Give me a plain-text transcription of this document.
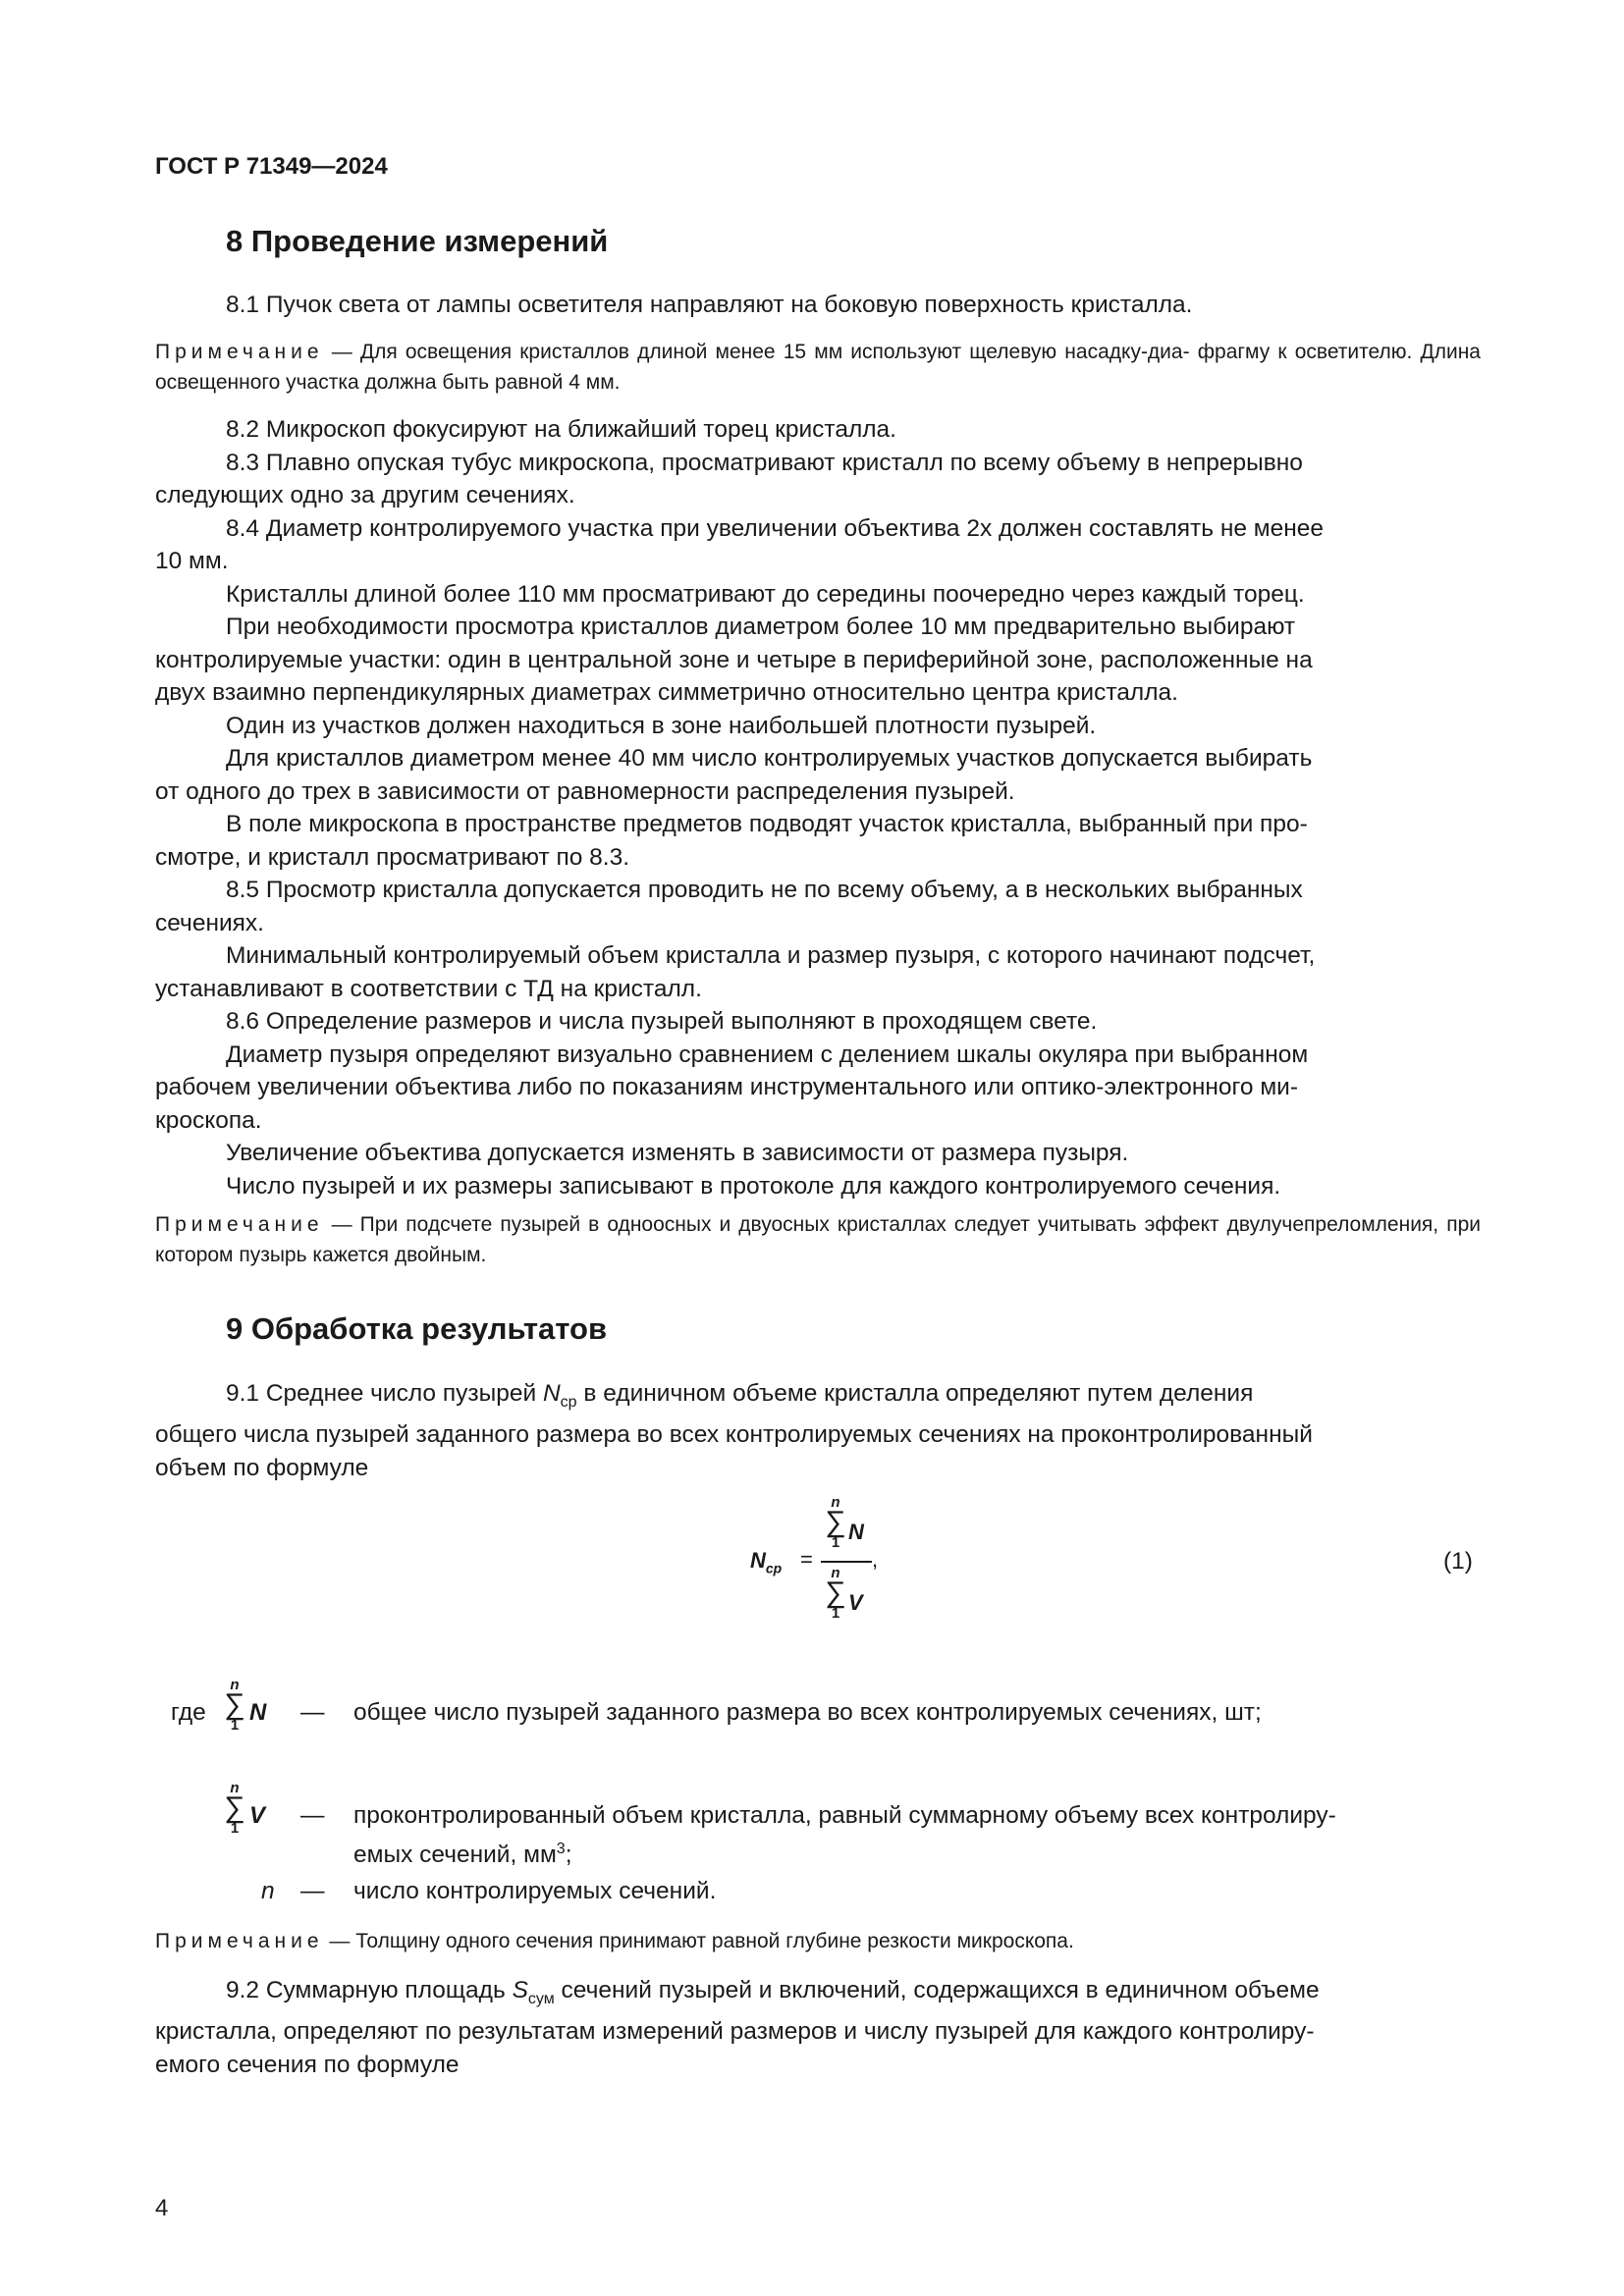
ГОСТ Р 71349—2024
8 Проведение измерений
8.1 Пучок света от лампы осветителя направляют на боковую поверхность кристалла.
Примечание — Для освещения кристаллов длиной менее 15 мм используют щелевую насадку-диа- фрагму к осветителю. Длина освещенного участка должна быть равной 4 мм.
8.2 Микроскоп фокусируют на ближайший торец кристалла.
8.3 Плавно опуская тубус микроскопа, просматривают кристалл по всему объему в непрерывно
следующих одно за другим сечениях.
8.4 Диаметр контролируемого участка при увеличении объектива 2х должен составлять не менее
10 мм.
Кристаллы длиной более 110 мм просматривают до середины поочередно через каждый торец.
При необходимости просмотра кристаллов диаметром более 10 мм предварительно выбирают
контролируемые участки: один в центральной зоне и четыре в периферийной зоне, расположенные на
двух взаимно перпендикулярных диаметрах симметрично относительно центра кристалла.
Один из участков должен находиться в зоне наибольшей плотности пузырей.
Для кристаллов диаметром менее 40 мм число контролируемых участков допускается выбирать
от одного до трех в зависимости от равномерности распределения пузырей.
В поле микроскопа в пространстве предметов подводят участок кристалла, выбранный при про-
смотре, и кристалл просматривают по 8.3.
8.5 Просмотр кристалла допускается проводить не по всему объему, а в нескольких выбранных
сечениях.
Минимальный контролируемый объем кристалла и размер пузыря, с которого начинают подсчет,
устанавливают в соответствии с ТД на кристалл.
8.6 Определение размеров и числа пузырей выполняют в проходящем свете.
Диаметр пузыря определяют визуально сравнением с делением шкалы окуляра при выбранном
рабочем увеличении объектива либо по показаниям инструментального или оптико-электронного ми-
кроскопа.
Увеличение объектива допускается изменять в зависимости от размера пузыря.
Число пузырей и их размеры записывают в протоколе для каждого контролируемого сечения.
Примечание — При подсчете пузырей в одноосных и двуосных кристаллах следует учитывать эффект двулучепреломления, при котором пузырь кажется двойным.
9 Обработка результатов
9.1 Среднее число пузырей $N_{ср}$ в единичном объеме кристалла определяют путем деления
общего числа пузырей заданного размера во всех контролируемых сечениях на проконтролированный
объем по формуле
$N_{ср}$ =
n
∑
1 N
n
∑
1 V
,	(1)
где
n
∑
1 N — общее число пузырей заданного размера во всех контролируемых сечениях, шт;
n
∑
1 V — проконтролированный объем кристалла, равный суммарному объему всех контролиру-
емых сечений, $мм^3$;
n — число контролируемых сечений.
Примечание — Толщину одного сечения принимают равной глубине резкости микроскопа.
9.2 Суммарную площадь $S_{сум}$ сечений пузырей и включений, содержащихся в единичном объеме
кристалла, определяют по результатам измерений размеров и числу пузырей для каждого контролиру-
емого сечения по формуле
4
